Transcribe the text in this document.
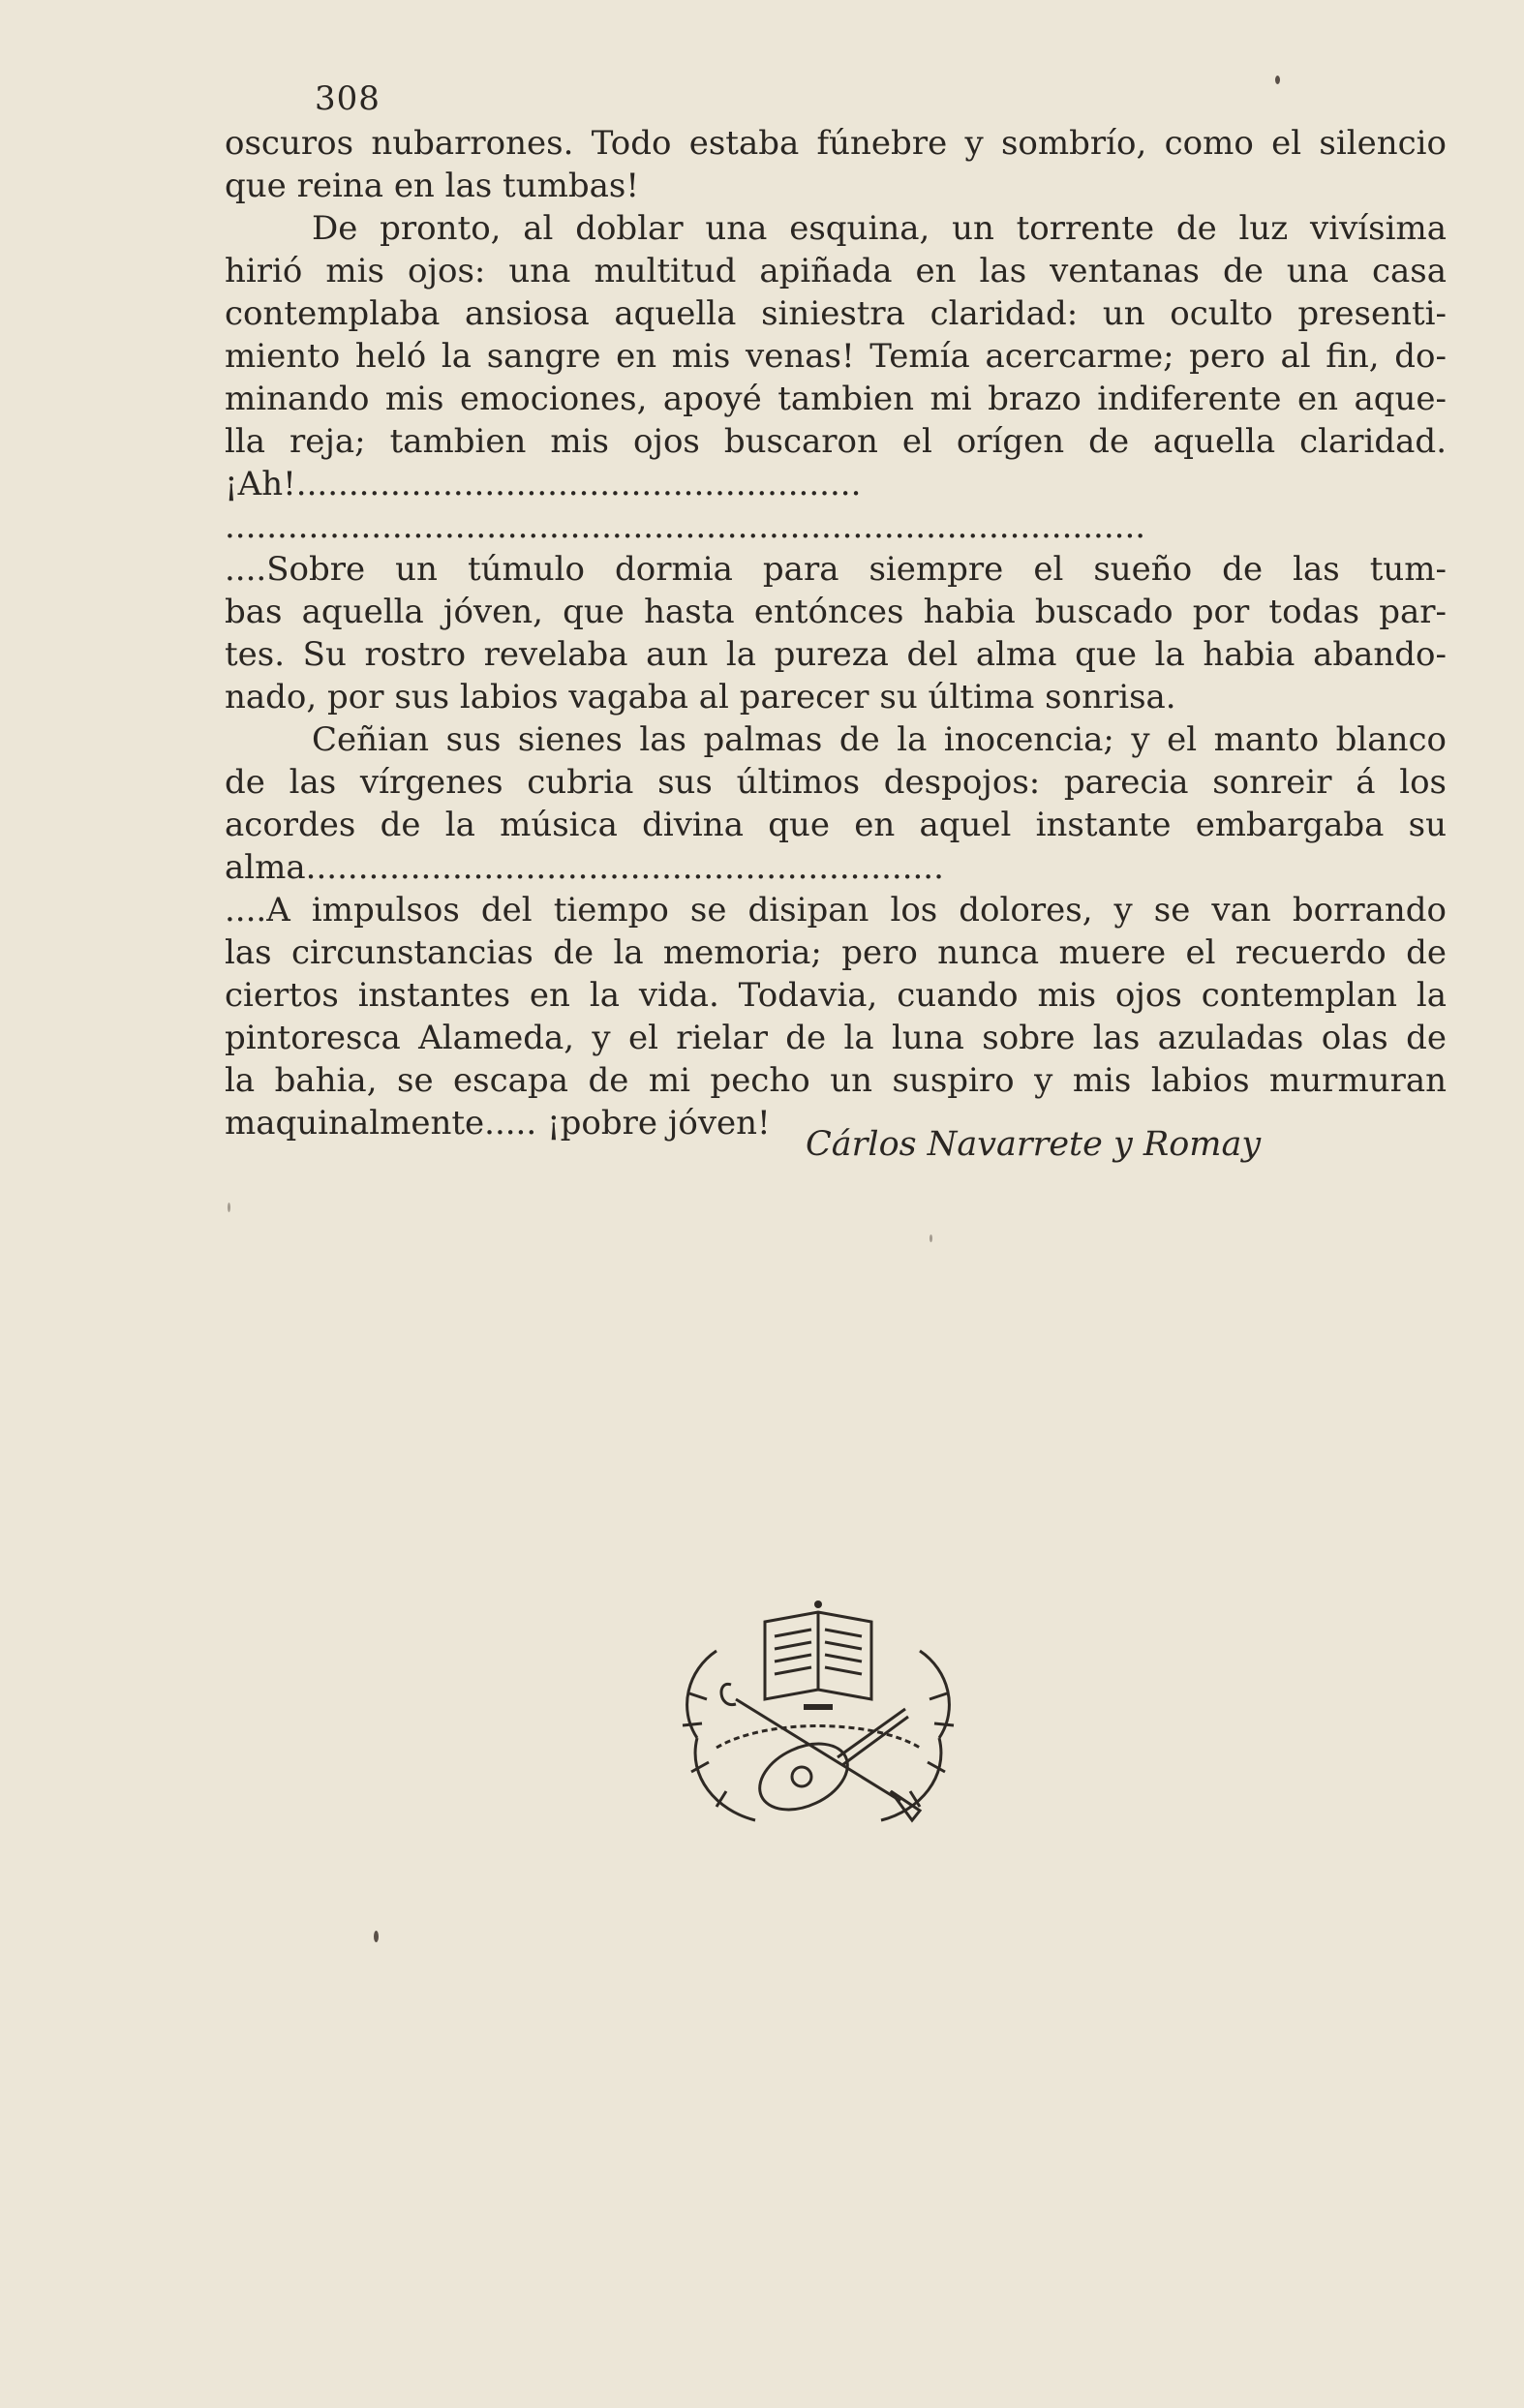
308
oscuros nubarrones. Todo estaba fúnebre y sombrío, como el silencio
que reina en las tumbas!
De pronto, al doblar una esquina, un torrente de luz vivísima
hirió mis ojos: una multitud apiñada en las ventanas de una casa
contemplaba ansiosa aquella siniestra claridad: un oculto presenti-
miento heló la sangre en mis venas! Temía acercarme; pero al fin, do-
minando mis emociones, apoyé tambien mi brazo indiferente en aque-
lla reja; tambien mis ojos buscaron el orígen de aquella claridad.
¡Ah!......................................................
........................................................................................
....Sobre un túmulo dormia para siempre el sueño de las tum-
bas aquella jóven, que hasta entónces habia buscado por todas par-
tes. Su rostro revelaba aun la pureza del alma que la habia abando-
nado, por sus labios vagaba al parecer su última sonrisa.
Ceñian sus sienes las palmas de la inocencia; y el manto blanco
de las vírgenes cubria sus últimos despojos: parecia sonreir á los
acordes de la música divina que en aquel instante embargaba su
alma.............................................................
....A impulsos del tiempo se disipan los dolores, y se van borrando
las circunstancias de la memoria; pero nunca muere el recuerdo de
ciertos instantes en la vida. Todavia, cuando mis ojos contemplan la
pintoresca Alameda, y el rielar de la luna sobre las azuladas olas de
la bahia, se escapa de mi pecho un suspiro y mis labios murmuran
maquinalmente..... ¡pobre jóven!
Cárlos Navarrete y Romay
